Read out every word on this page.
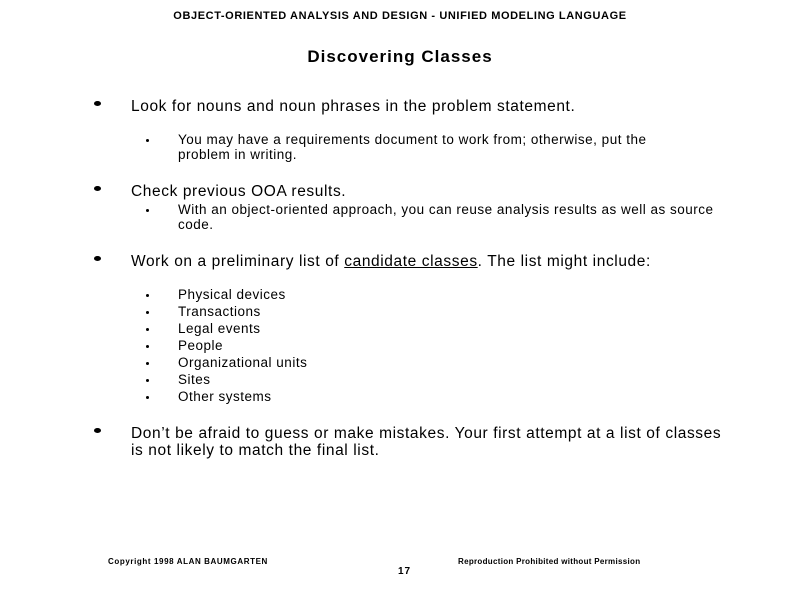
OBJECT-ORIENTED ANALYSIS AND DESIGN - UNIFIED MODELING LANGUAGE
Discovering Classes
Look for nouns and noun phrases in the problem statement.
You may have a requirements document to work from; otherwise, put the problem in writing.
Check previous OOA results.
With an object-oriented approach, you can reuse analysis results as well as source code.
Work on a preliminary list of candidate classes. The list might include:
Physical devices
Transactions
Legal events
People
Organizational units
Sites
Other systems
Don’t be afraid to guess or make mistakes. Your first attempt at a list of classes is not likely to match the final list.
Copyright 1998 ALAN BAUMGARTEN
17
Reproduction Prohibited without Permission
